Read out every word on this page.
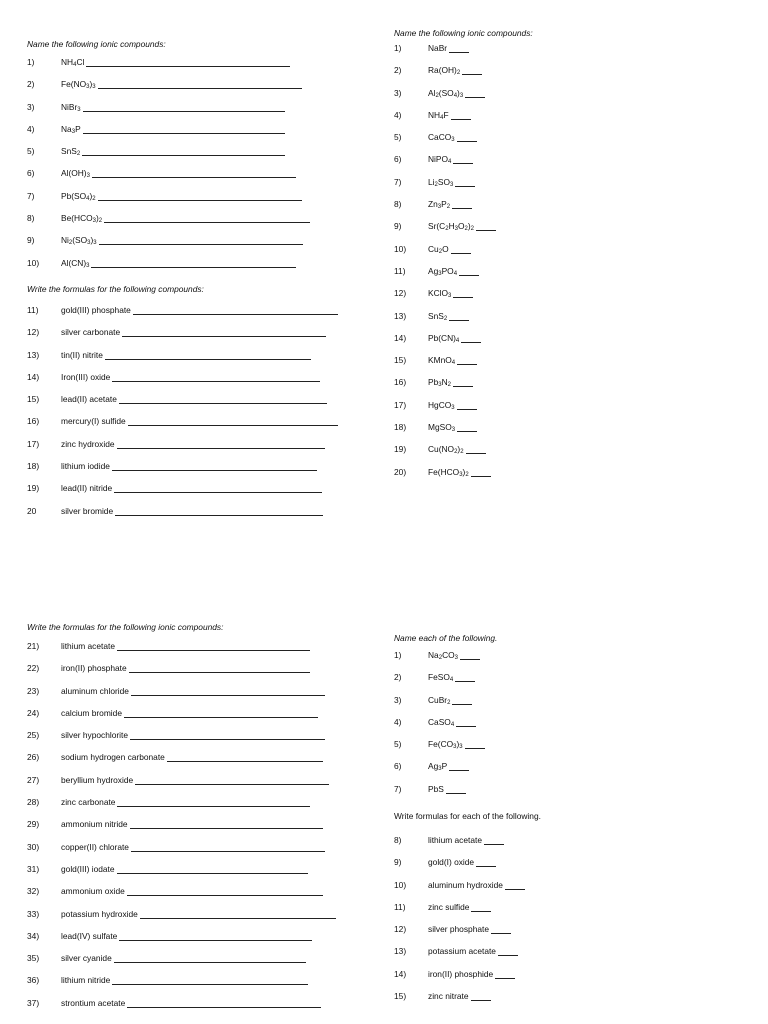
Name the following ionic compounds:
1)	$NH_4Cl$
2)	$Fe(NO_3)_3$
3)	NiBr$_3$
4)	$Na_3P$
5)	SnS$_2$
6)	$Al(OH)_3$
7)	$Pb(SO_4)_2$
8)	$Be(HCO_3)_2$
9)	$Ni_2(SO_3)_3$
10)	$Al(CN)_3$
Write the formulas for the following compounds:
11)	gold(III) phosphate
12)	silver carbonate
13)	tin(II) nitrite
14)	Iron(III) oxide
15)	lead(II) acetate
16)	mercury(I) sulfide
17)	zinc hydroxide
18)	lithium iodide
19)	lead(II) nitride
20	silver bromide
Name the following ionic compounds:
1)	NaBr
2)	$Ra(OH)_2$
3)	$Al_2(SO_4)_3$
4)	$NH_4F$
5)	CaCO$_3$
6)	NiPO$_4$
7)	$Li_2SO_3$
8)	$Zn_3P_2$
9)	$Sr(C_2H_3O_2)_2$
10)	$Cu_2O$
11)	$Ag_3PO_4$
12)	KClO$_3$
13)	SnS$_2$
14)	$Pb(CN)_4$
15)	KMnO$_4$
16)	$Pb_3N_2$
17)	HgCO$_3$
18)	MgSO$_3$
19)	$Cu(NO_2)_2$
20)	$Fe(HCO_3)_2$
Write the formulas for the following ionic compounds:
21)	lithium acetate
22)	iron(II) phosphate
23)	aluminum chloride
24)	calcium bromide
25)	silver hypochlorite
26)	sodium hydrogen carbonate
27)	beryllium hydroxide
28)	zinc carbonate
29)	ammonium nitride
30)	copper(II) chlorate
31)	gold(III) iodate
32)	ammonium oxide
33)	potassium hydroxide
34)	lead(IV) sulfate
35)	silver cyanide
36)	lithium nitride
37)	strontium acetate
Name each of the following.
1)	$Na_2CO_3$
2)	FeSO$_4$
3)	CuBr$_2$
4)	CaSO$_4$
5)	$Fe(CO_3)_3$
6)	$Ag_3P$
7)	PbS
Write formulas for each of the following.
8)	lithium acetate
9)	gold(I) oxide
10)	aluminum hydroxide
11)	zinc sulfide
12)	silver phosphate
13)	potassium acetate
14)	iron(II) phosphide
15)	zinc nitrate
